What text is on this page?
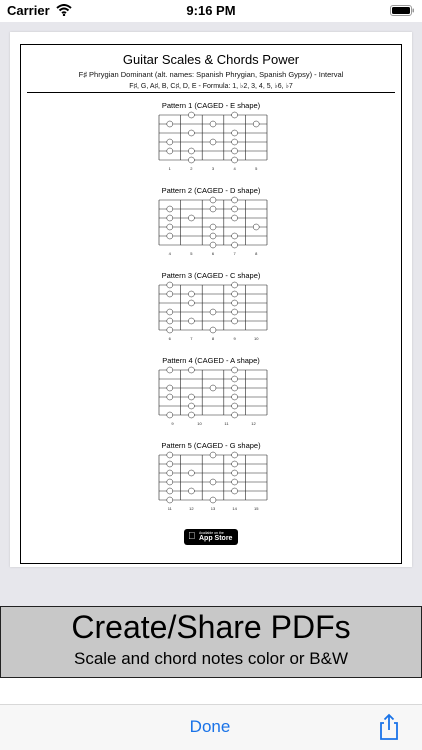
Carrier	9:16 PM
Guitar Scales & Chords Power
F♯ Phrygian Dominant (alt. names: Spanish Phrygian, Spanish Gypsy) - Interval
F♯, G, A♯, B, C♯, D, E - Formula: 1, ♭2, 3, 4, 5, ♭6, ♭7
Pattern 1 (CAGED - E shape)
1	2	3	4	5
Pattern 2 (CAGED - D shape)
4	5	6	7	8
Pattern 3 (CAGED - C shape)
6	7	8	9	10
Pattern 4 (CAGED - A shape)
9	10	11	12
Pattern 5 (CAGED - G shape)
11	12	13	14	15
Available on the
App Store
Create/Share PDFs
Scale and chord notes color or B&W
Done
